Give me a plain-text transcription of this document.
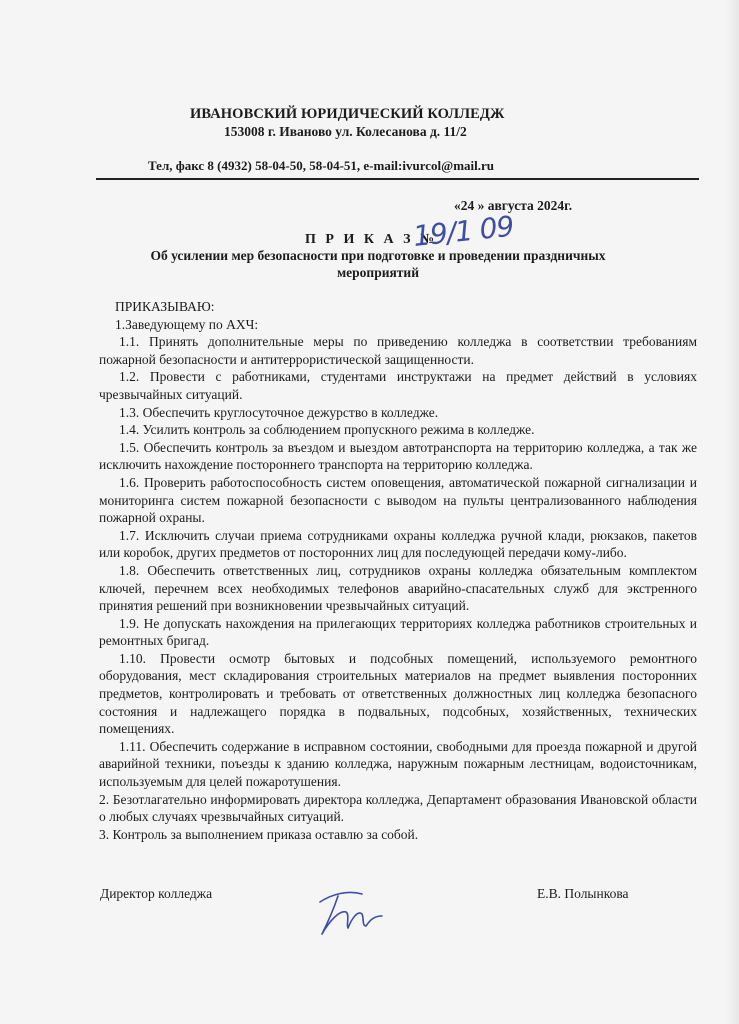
ИВАНОВСКИЙ ЮРИДИЧЕСКИЙ КОЛЛЕДЖ
153008 г. Иваново ул. Колесанова д. 11/2
Тел, факс 8 (4932) 58-04-50, 58-04-51, e-mail:ivurcol@mail.ru
«24 » августа 2024г.
П Р И К А З №
19/1 09
Об усилении мер безопасности при подготовке и проведении праздничных мероприятий

ПРИКАЗЫВАЮ:

1.Заведующему по АХЧ:

1.1. Принять дополнительные меры по приведению колледжа в соответствии требованиям пожарной безопасности и антитеррористической защищенности.

1.2. Провести с работниками, студентами инструктажи на предмет действий в условиях чрезвычайных ситуаций.

1.3. Обеспечить круглосуточное дежурство в колледже.

1.4. Усилить контроль за соблюдением пропускного режима в колледже.

1.5. Обеспечить контроль за въездом и выездом автотранспорта на территорию колледжа, а так же исключить нахождение постороннего транспорта на территорию колледжа.

1.6. Проверить работоспособность систем оповещения, автоматической пожарной сигнализации и мониторинга систем пожарной безопасности с выводом на пульты централизованного наблюдения пожарной охраны.

1.7. Исключить случаи приема сотрудниками охраны колледжа ручной клади, рюкзаков, пакетов или коробок, других предметов от посторонних лиц для последующей передачи кому-либо.

1.8. Обеспечить ответственных лиц, сотрудников охраны колледжа обязательным комплектом ключей, перечнем всех необходимых телефонов аварийно-спасательных служб для экстренного принятия решений при возникновении чрезвычайных ситуаций.

1.9. Не допускать нахождения на прилегающих территориях колледжа работников строительных и ремонтных бригад.

1.10. Провести осмотр бытовых и подсобных помещений, используемого ремонтного оборудования, мест складирования строительных материалов на предмет выявления посторонних предметов, контролировать и требовать от ответственных должностных лиц колледжа безопасного состояния и надлежащего порядка в подвальных, подсобных, хозяйственных, технических помещениях.

1.11. Обеспечить содержание в исправном состоянии, свободными для проезда пожарной и другой аварийной техники, поъезды к зданию колледжа, наружным пожарным лестницам, водоисточникам, используемым для целей пожаротушения.

2. Безотлагательно информировать директора колледжа, Департамент образования Ивановской области о любых случаях чрезвычайных ситуаций.

3. Контроль за выполнением приказа оставлю за собой.

Директор колледжа	Е.В. Полынкова
